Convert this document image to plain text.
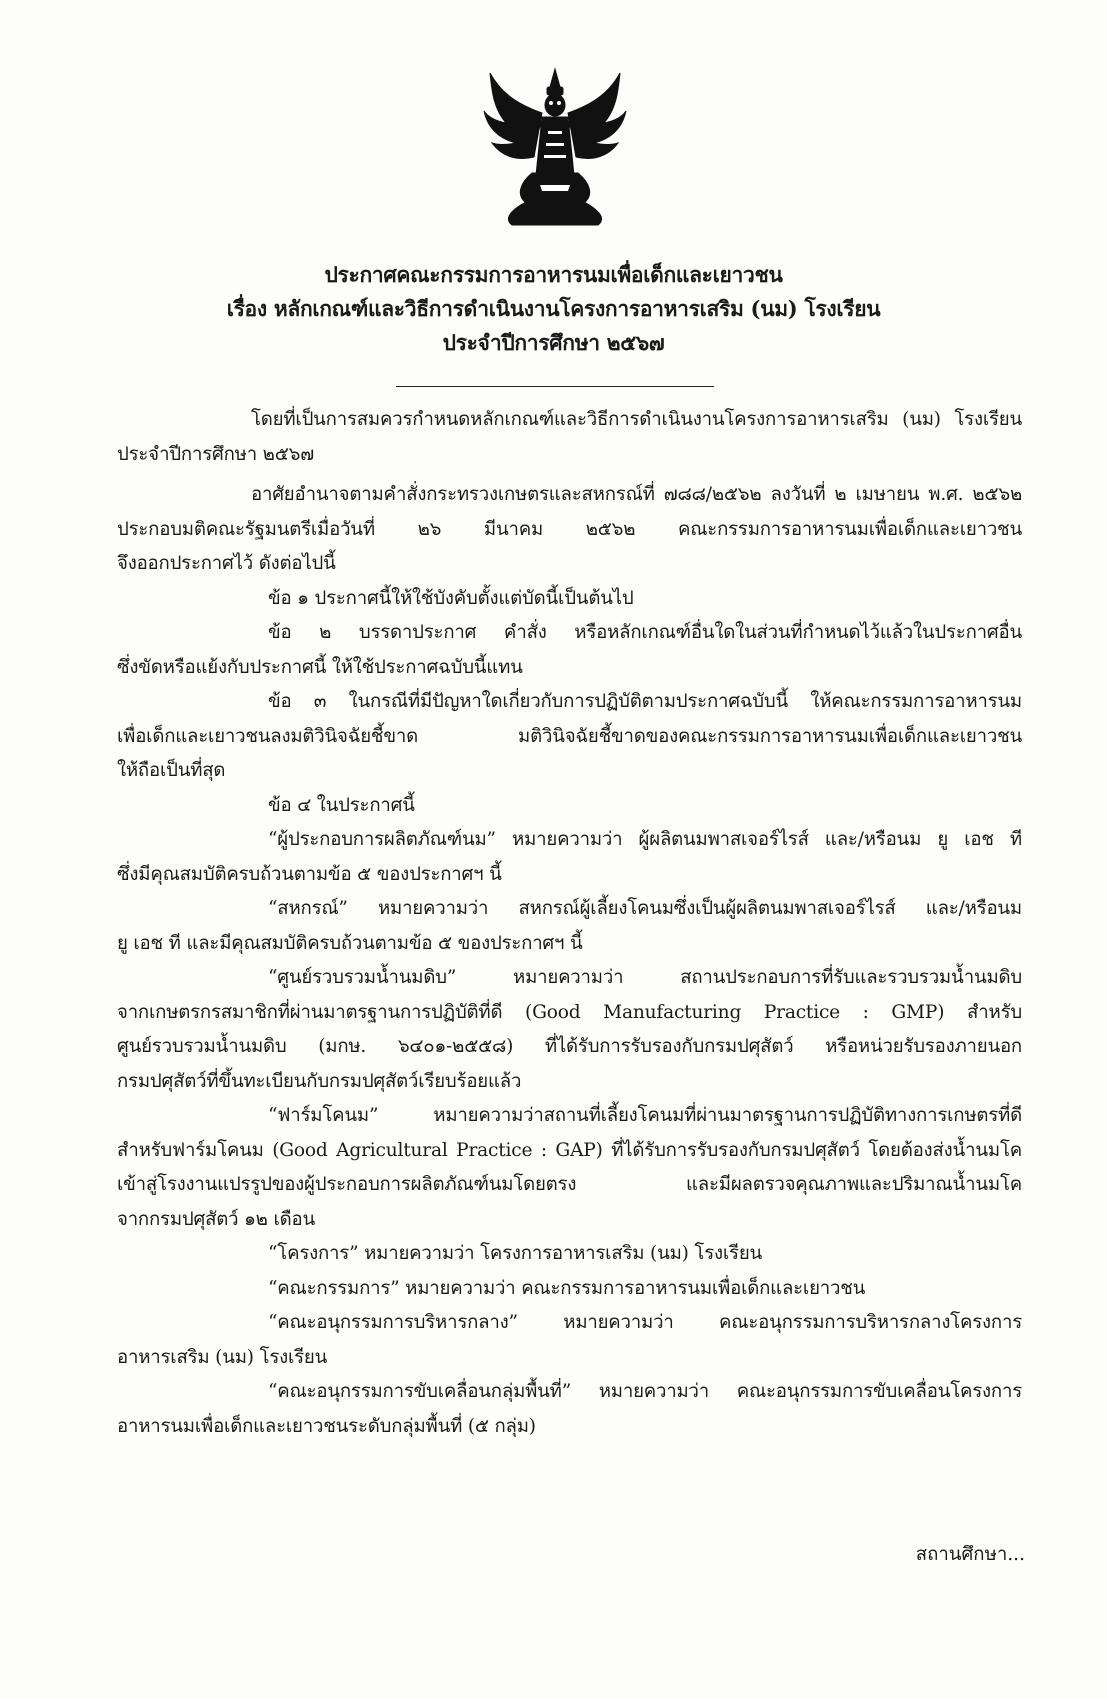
ประกาศคณะกรรมการอาหารนมเพื่อเด็กและเยาวชน
เรื่อง หลักเกณฑ์และวิธีการดำเนินงานโครงการอาหารเสริม (นม) โรงเรียน
ประจำปีการศึกษา ๒๕๖๗
โดยที่เป็นการสมควรกำหนดหลักเกณฑ์และวิธีการดำเนินงานโครงการอาหารเสริม (นม) โรงเรียน
ประจำปีการศึกษา ๒๕๖๗
อาศัยอำนาจตามคำสั่งกระทรวงเกษตรและสหกรณ์ที่ ๗๘๘/๒๕๖๒ ลงวันที่ ๒ เมษายน พ.ศ. ๒๕๖๒
ประกอบมติคณะรัฐมนตรีเมื่อวันที่ ๒๖ มีนาคม ๒๕๖๒ คณะกรรมการอาหารนมเพื่อเด็กและเยาวชน
จึงออกประกาศไว้ ดังต่อไปนี้
ข้อ ๑ ประกาศนี้ให้ใช้บังคับตั้งแต่บัดนี้เป็นต้นไป
ข้อ ๒ บรรดาประกาศ คำสั่ง หรือหลักเกณฑ์อื่นใดในส่วนที่กำหนดไว้แล้วในประกาศอื่น
ซึ่งขัดหรือแย้งกับประกาศนี้ ให้ใช้ประกาศฉบับนี้แทน
ข้อ ๓ ในกรณีที่มีปัญหาใดเกี่ยวกับการปฏิบัติตามประกาศฉบับนี้ ให้คณะกรรมการอาหารนม
เพื่อเด็กและเยาวชนลงมติวินิจฉัยชี้ขาด มติวินิจฉัยชี้ขาดของคณะกรรมการอาหารนมเพื่อเด็กและเยาวชน
ให้ถือเป็นที่สุด
ข้อ ๔ ในประกาศนี้
“ผู้ประกอบการผลิตภัณฑ์นม” หมายความว่า ผู้ผลิตนมพาสเจอร์ไรส์ และ/หรือนม ยู เอช ที
ซึ่งมีคุณสมบัติครบถ้วนตามข้อ ๕ ของประกาศฯ นี้
“สหกรณ์” หมายความว่า สหกรณ์ผู้เลี้ยงโคนมซึ่งเป็นผู้ผลิตนมพาสเจอร์ไรส์ และ/หรือนม
ยู เอช ที และมีคุณสมบัติครบถ้วนตามข้อ ๕ ของประกาศฯ นี้
“ศูนย์รวบรวมน้ำนมดิบ” หมายความว่า สถานประกอบการที่รับและรวบรวมน้ำนมดิบ
จากเกษตรกรสมาชิกที่ผ่านมาตรฐานการปฏิบัติที่ดี (Good Manufacturing Practice : GMP) สำหรับ
ศูนย์รวบรวมน้ำนมดิบ (มกษ. ๖๔๐๑-๒๕๕๘) ที่ได้รับการรับรองกับกรมปศุสัตว์ หรือหน่วยรับรองภายนอก
กรมปศุสัตว์ที่ขึ้นทะเบียนกับกรมปศุสัตว์เรียบร้อยแล้ว
“ฟาร์มโคนม” หมายความว่าสถานที่เลี้ยงโคนมที่ผ่านมาตรฐานการปฏิบัติทางการเกษตรที่ดี
สำหรับฟาร์มโคนม (Good Agricultural Practice : GAP) ที่ได้รับการรับรองกับกรมปศุสัตว์ โดยต้องส่งน้ำนมโค
เข้าสู่โรงงานแปรรูปของผู้ประกอบการผลิตภัณฑ์นมโดยตรง และมีผลตรวจคุณภาพและปริมาณน้ำนมโค
จากกรมปศุสัตว์ ๑๒ เดือน
“โครงการ” หมายความว่า โครงการอาหารเสริม (นม) โรงเรียน
“คณะกรรมการ” หมายความว่า คณะกรรมการอาหารนมเพื่อเด็กและเยาวชน
“คณะอนุกรรมการบริหารกลาง” หมายความว่า คณะอนุกรรมการบริหารกลางโครงการ
อาหารเสริม (นม) โรงเรียน
“คณะอนุกรรมการขับเคลื่อนกลุ่มพื้นที่” หมายความว่า คณะอนุกรรมการขับเคลื่อนโครงการ
อาหารนมเพื่อเด็กและเยาวชนระดับกลุ่มพื้นที่ (๕ กลุ่ม)
สถานศึกษา...
